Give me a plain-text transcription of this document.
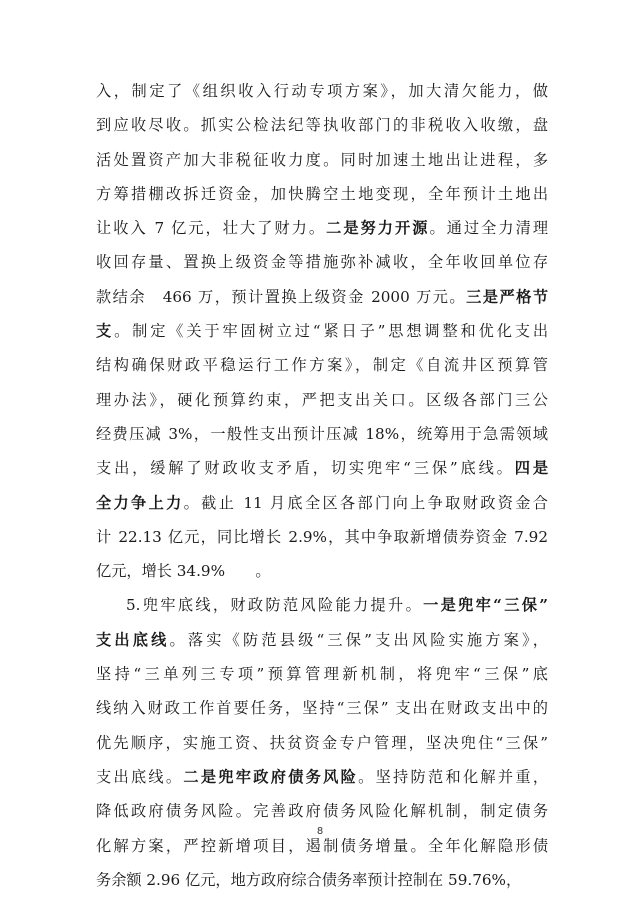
入，制定了《组织收入行动专项方案》，加大清欠能力，做
到应收尽收。抓实公检法纪等执收部门的非税收入收缴，盘
活处置资产加大非税征收力度。同时加速土地出让进程，多
方筹措棚改拆迁资金，加快腾空土地变现，全年预计土地出
让收入 7 亿元，壮大了财力。二是努力开源。通过全力清理
收回存量、置换上级资金等措施弥补减收，全年收回单位存
款结余　466 万，预计置换上级资金 2000 万元。三是严格节
支。制定《关于牢固树立过“紧日子”思想调整和优化支出
结构确保财政平稳运行工作方案》，制定《自流井区预算管
理办法》，硬化预算约束，严把支出关口。区级各部门三公
经费压减 3%，一般性支出预计压减 18%，统筹用于急需领域
支出，缓解了财政收支矛盾，切实兜牢“三保”底线。四是
全力争上力。截止 11 月底全区各部门向上争取财政资金合
计 22.13 亿元，同比增长 2.9%，其中争取新增债券资金 7.92
亿元，增长 34.9%　　。
5.兜牢底线，财政防范风险能力提升。一是兜牢“三保”
支出底线。落实《防范县级“三保”支出风险实施方案》，
坚持“三单列三专项”预算管理新机制，将兜牢“三保”底
线纳入财政工作首要任务，坚持“三保” 支出在财政支出中的
优先顺序，实施工资、扶贫资金专户管理，坚决兜住“三保”
支出底线。二是兜牢政府债务风险。坚持防范和化解并重，
降低政府债务风险。完善政府债务风险化解机制，制定债务
化解方案，严控新增项目，遏制债务增量。全年化解隐形债
务余额 2.96 亿元，地方政府综合债务率预计控制在 59.76%，
8
